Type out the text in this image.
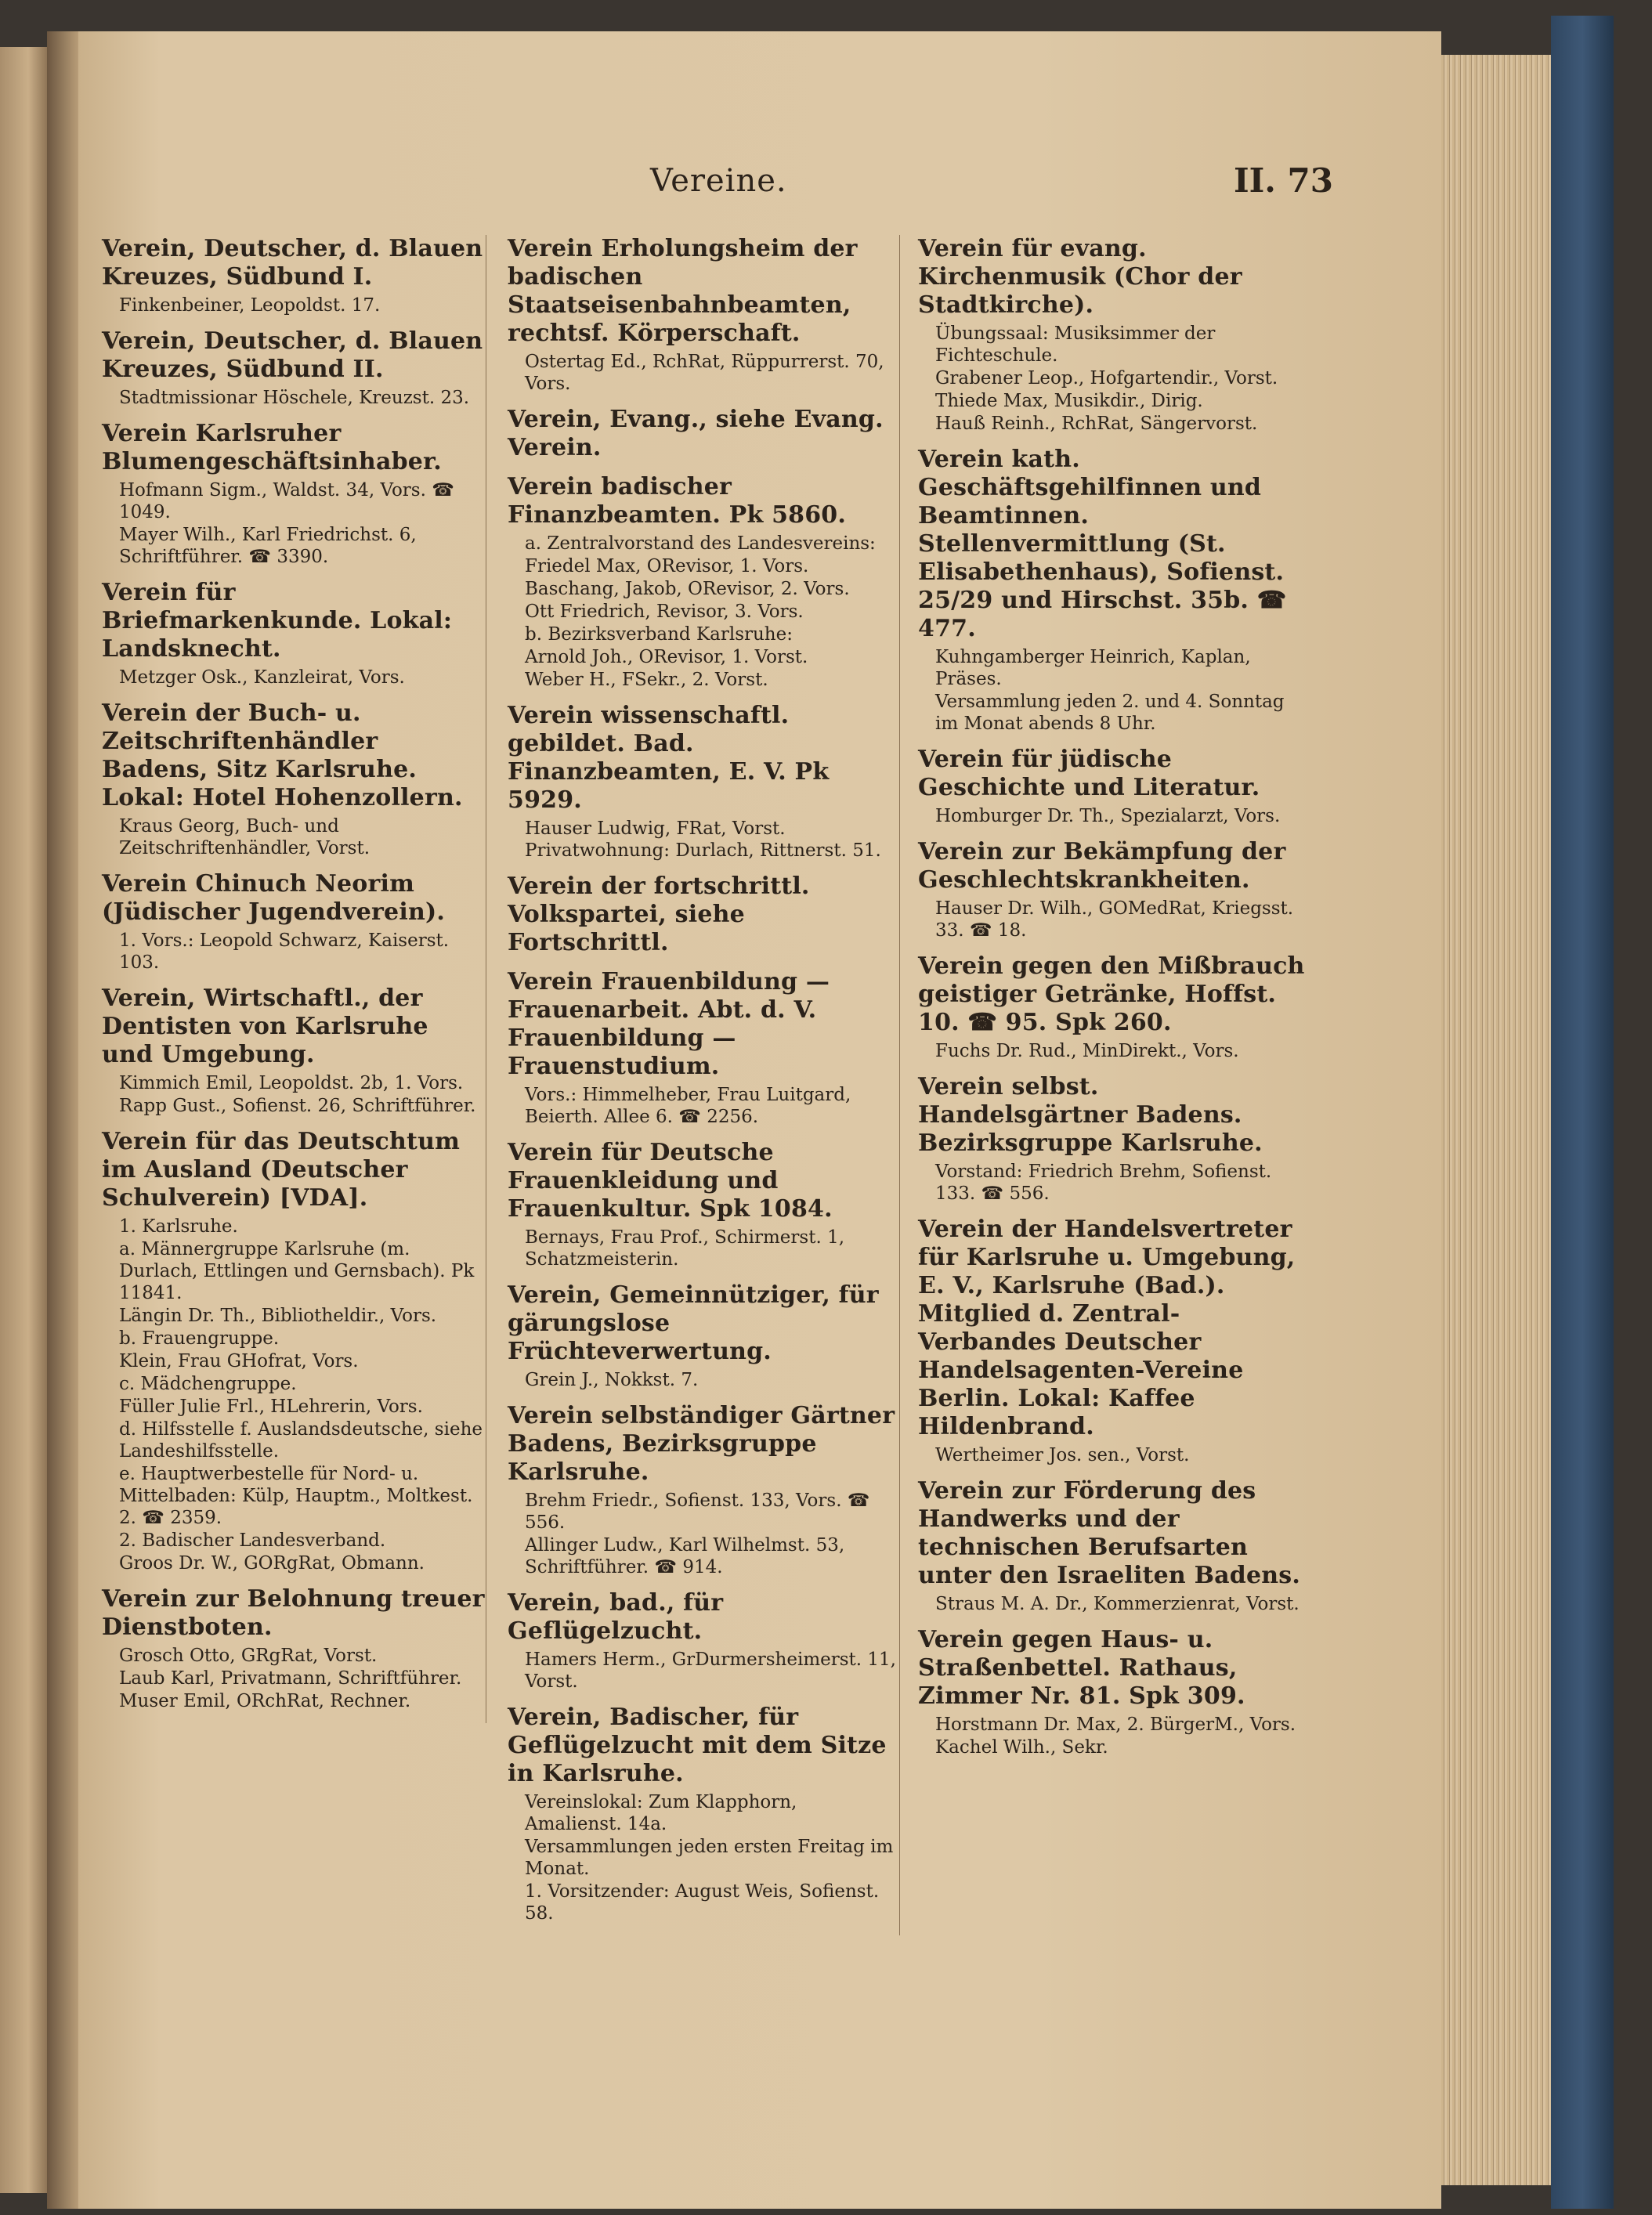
Vereine.	II. 73
Verein, Deutscher, d. Blauen Kreuzes, Südbund I.
Finkenbeiner, Leopoldst. 17.
Verein, Deutscher, d. Blauen Kreuzes, Südbund II.
Stadtmissionar Höschele, Kreuzst. 23.
Verein Karlsruher Blumengeschäftsinhaber.
Hofmann Sigm., Waldst. 34, Vors. ☎ 1049.
Mayer Wilh., Karl Friedrichst. 6, Schriftführer. ☎ 3390.
Verein für Briefmarkenkunde. Lokal: Landsknecht.
Metzger Osk., Kanzleirat, Vors.
Verein der Buch- u. Zeitschriftenhändler Badens, Sitz Karlsruhe. Lokal: Hotel Hohenzollern.
Kraus Georg, Buch- und Zeitschriftenhändler, Vorst.
Verein Chinuch Neorim (Jüdischer Jugendverein).
1. Vors.: Leopold Schwarz, Kaiserst. 103.
Verein, Wirtschaftl., der Dentisten von Karlsruhe und Umgebung.
Kimmich Emil, Leopoldst. 2b, 1. Vors.
Rapp Gust., Sofienst. 26, Schriftführer.
Verein für das Deutschtum im Ausland (Deutscher Schulverein) [VDA].
1. Karlsruhe.
a. Männergruppe Karlsruhe (m. Durlach, Ettlingen und Gernsbach). Pk 11841.
Längin Dr. Th., Bibliotheldir., Vors.
b. Frauengruppe.
Klein, Frau GHofrat, Vors.
c. Mädchengruppe.
Füller Julie Frl., HLehrerin, Vors.
d. Hilfsstelle f. Auslandsdeutsche, siehe Landeshilfsstelle.
e. Hauptwerbestelle für Nord- u. Mittelbaden: Külp, Hauptm., Moltkest. 2. ☎ 2359.
2. Badischer Landesverband.
Groos Dr. W., GORgRat, Obmann.
Verein zur Belohnung treuer Dienstboten.
Grosch Otto, GRgRat, Vorst.
Laub Karl, Privatmann, Schriftführer.
Muser Emil, ORchRat, Rechner.
Verein Erholungsheim der badischen Staatseisenbahnbeamten, rechtsf. Körperschaft.
Ostertag Ed., RchRat, Rüppurrerst. 70, Vors.
Verein, Evang., siehe Evang. Verein.
Verein badischer Finanzbeamten. Pk 5860.
a. Zentralvorstand des Landesvereins:
Friedel Max, ORevisor, 1. Vors.
Baschang, Jakob, ORevisor, 2. Vors.
Ott Friedrich, Revisor, 3. Vors.
b. Bezirksverband Karlsruhe:
Arnold Joh., ORevisor, 1. Vorst.
Weber H., FSekr., 2. Vorst.
Verein wissenschaftl. gebildet. Bad. Finanzbeamten, E. V. Pk 5929.
Hauser Ludwig, FRat, Vorst. Privatwohnung: Durlach, Rittnerst. 51.
Verein der fortschrittl. Volkspartei, siehe Fortschrittl.
Verein Frauenbildung — Frauenarbeit. Abt. d. V. Frauenbildung — Frauenstudium.
Vors.: Himmelheber, Frau Luitgard, Beierth. Allee 6. ☎ 2256.
Verein für Deutsche Frauenkleidung und Frauenkultur. Spk 1084.
Bernays, Frau Prof., Schirmerst. 1, Schatzmeisterin.
Verein, Gemeinnütziger, für gärungslose Früchteverwertung.
Grein J., Nokkst. 7.
Verein selbständiger Gärtner Badens, Bezirksgruppe Karlsruhe.
Brehm Friedr., Sofienst. 133, Vors. ☎ 556.
Allinger Ludw., Karl Wilhelmst. 53, Schriftführer. ☎ 914.
Verein, bad., für Geflügelzucht.
Hamers Herm., GrDurmersheimerst. 11, Vorst.
Verein, Badischer, für Geflügelzucht mit dem Sitze in Karlsruhe.
Vereinslokal: Zum Klapphorn, Amalienst. 14a.
Versammlungen jeden ersten Freitag im Monat.
1. Vorsitzender: August Weis, Sofienst. 58.
Verein für evang. Kirchenmusik (Chor der Stadtkirche).
Übungssaal: Musiksimmer der Fichteschule.
Grabener Leop., Hofgartendir., Vorst.
Thiede Max, Musikdir., Dirig.
Hauß Reinh., RchRat, Sängervorst.
Verein kath. Geschäftsgehilfinnen und Beamtinnen. Stellenvermittlung (St. Elisabethenhaus), Sofienst. 25/29 und Hirschst. 35b. ☎ 477.
Kuhngamberger Heinrich, Kaplan, Präses.
Versammlung jeden 2. und 4. Sonntag im Monat abends 8 Uhr.
Verein für jüdische Geschichte und Literatur.
Homburger Dr. Th., Spezialarzt, Vors.
Verein zur Bekämpfung der Geschlechtskrankheiten.
Hauser Dr. Wilh., GOMedRat, Kriegsst. 33. ☎ 18.
Verein gegen den Mißbrauch geistiger Getränke, Hoffst. 10. ☎ 95. Spk 260.
Fuchs Dr. Rud., MinDirekt., Vors.
Verein selbst. Handelsgärtner Badens. Bezirksgruppe Karlsruhe.
Vorstand: Friedrich Brehm, Sofienst. 133. ☎ 556.
Verein der Handelsvertreter für Karlsruhe u. Umgebung, E. V., Karlsruhe (Bad.). Mitglied d. Zentral-Verbandes Deutscher Handelsagenten-Vereine Berlin. Lokal: Kaffee Hildenbrand.
Wertheimer Jos. sen., Vorst.
Verein zur Förderung des Handwerks und der technischen Berufsarten unter den Israeliten Badens.
Straus M. A. Dr., Kommerzienrat, Vorst.
Verein gegen Haus- u. Straßenbettel. Rathaus, Zimmer Nr. 81. Spk 309.
Horstmann Dr. Max, 2. BürgerM., Vors.
Kachel Wilh., Sekr.
